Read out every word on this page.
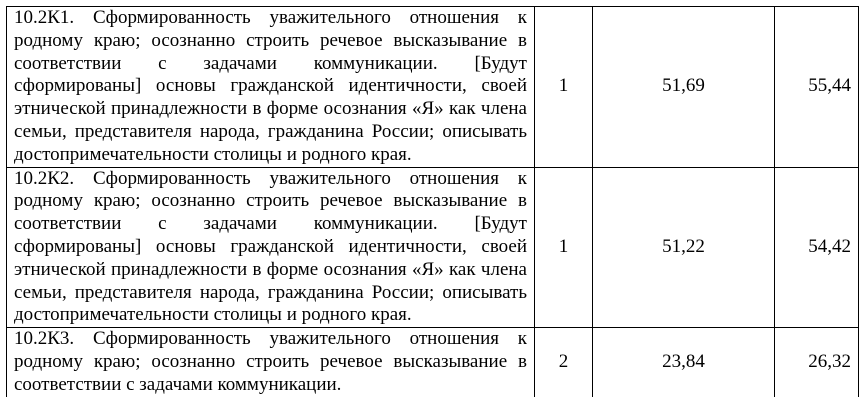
10.2К1. Сформированность уважительного отношения к родному краю; осознанно строить речевое высказывание в соответствии с задачами коммуникации. [Будут сформированы] основы гражданской идентичности, своей этнической принадлежности в форме осознания «Я» как члена семьи, представителя народа, гражданина России; описывать достопримечательности столицы и родного края.	1	51,69	55,44
10.2К2. Сформированность уважительного отношения к родному краю; осознанно строить речевое высказывание в соответствии с задачами коммуникации. [Будут сформированы] основы гражданской идентичности, своей этнической принадлежности в форме осознания «Я» как члена семьи, представителя народа, гражданина России; описывать достопримечательности столицы и родного края.	1	51,22	54,42
10.2К3. Сформированность уважительного отношения к родному краю; осознанно строить речевое высказывание в соответствии с задачами коммуникации.	2	23,84	26,32
